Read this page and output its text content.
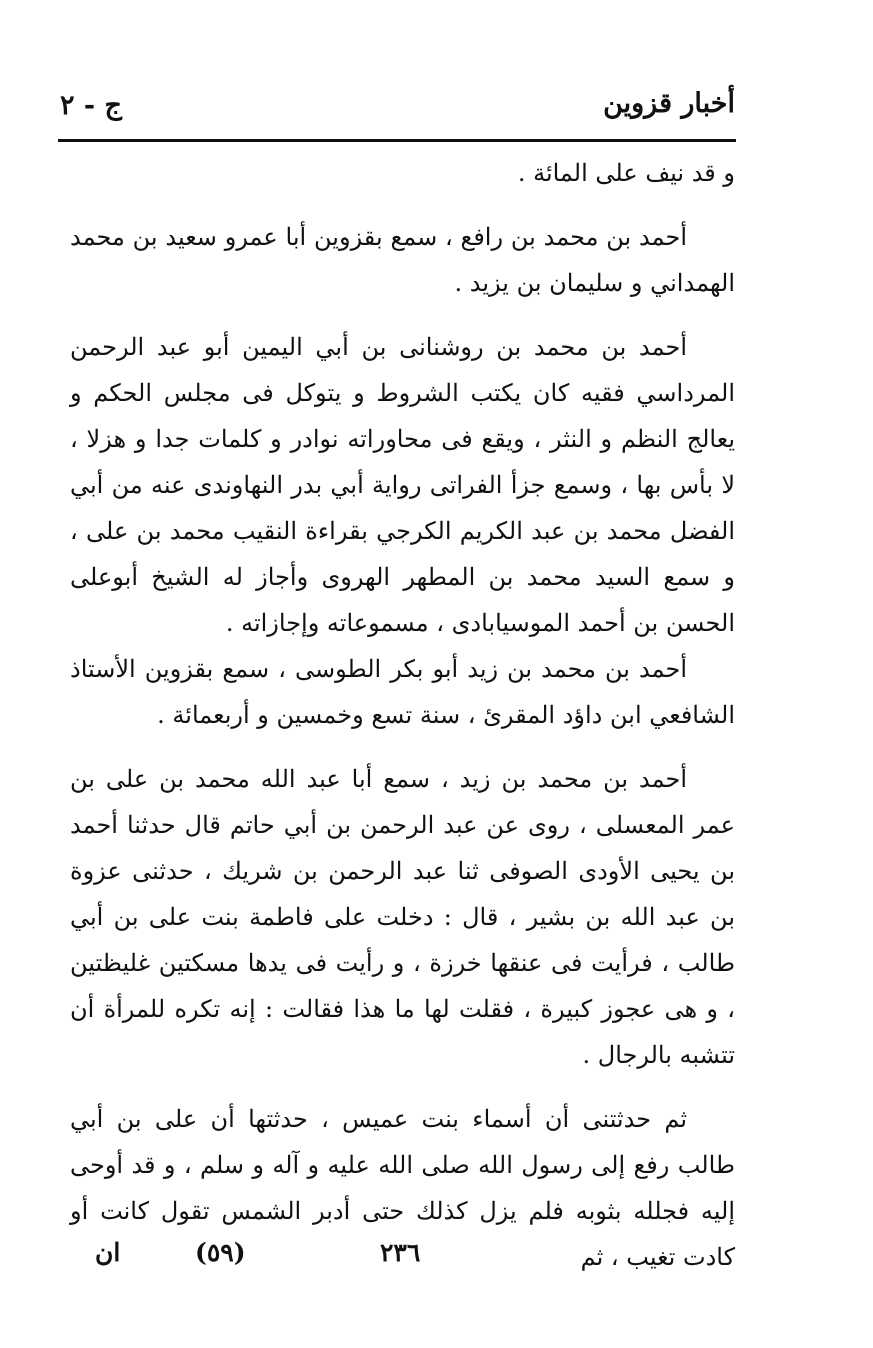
أخبار قزوين
ج - ٢

و قد نيف على المائة .

أحمد بن محمد بن رافع ، سمع بقزوين أبا عمرو سعيد بن محمد الهمداني و سليمان بن يزيد .

أحمد بن محمد بن روشنانى بن أبي اليمين أبو عبد الرحمن المرداسي فقيه كان يكتب الشروط و يتوكل فى مجلس الحكم و يعالج النظم و النثر ، ويقع فى محاوراته نوادر و كلمات جدا و هزلا ، لا بأس بها ، وسمع جزأ الفراتى رواية أبي بدر النهاوندى عنه من أبي الفضل محمد بن عبد الكريم الكرجي بقراءة النقيب محمد بن على ، و سمع السيد محمد بن المطهر الهروى وأجاز له الشيخ أبوعلى الحسن بن أحمد الموسيابادى ، مسموعاته وإجازاته .

أحمد بن محمد بن زيد أبو بكر الطوسى ، سمع بقزوين الأستاذ الشافعي ابن داؤد المقرئ ، سنة تسع وخمسين و أربعمائة .

أحمد بن محمد بن زيد ، سمع أبا عبد الله محمد بن على بن عمر المعسلى ، روى عن عبد الرحمن بن أبي حاتم قال حدثنا أحمد بن يحيى الأودى الصوفى ثنا عبد الرحمن بن شريك ، حدثنى عزوة بن عبد الله بن بشير ، قال : دخلت على فاطمة بنت على بن أبي طالب ، فرأيت فى عنقها خرزة ، و رأيت فى يدها مسكتين غليظتين ، و هى عجوز كبيرة ، فقلت لها ما هذا فقالت : إنه تكره للمرأة أن تتشبه بالرجال .

ثم حدثتنى أن أسماء بنت عميس ، حدثتها أن على بن أبي طالب رفع إلى رسول الله صلى الله عليه و آله و سلم ، و قد أوحى إليه فجلله بثوبه فلم يزل كذلك حتى أدبر الشمس تقول كانت أو كادت تغيب ، ثم

٢٣٦
(٥٩)
ان
